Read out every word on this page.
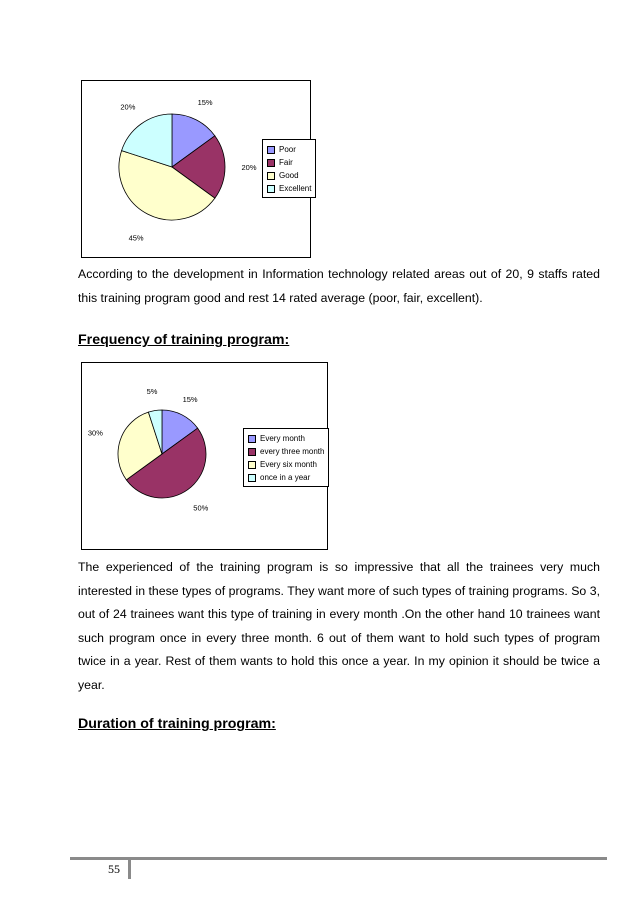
15%
20%
45%
20%
Poor
Fair
Good
Excellent

According to the development in Information technology related areas out of 20, 9 staffs rated this training program good and rest 14 rated average (poor, fair, excellent).

Frequency of training program:
15%
50%
30%
5%
Every month
every three month
Every six month
once in a year

The experienced of the training program is so impressive that all the trainees very much interested in these types of programs. They want more of such types of training programs. So 3, out of 24 trainees want this type of training in every month .On the other hand 10 trainees want such program once in every three month. 6 out of them want to hold such types of program twice in a year. Rest of them wants to hold this once a year. In my opinion it should be twice a year.

Duration of training program:
55
